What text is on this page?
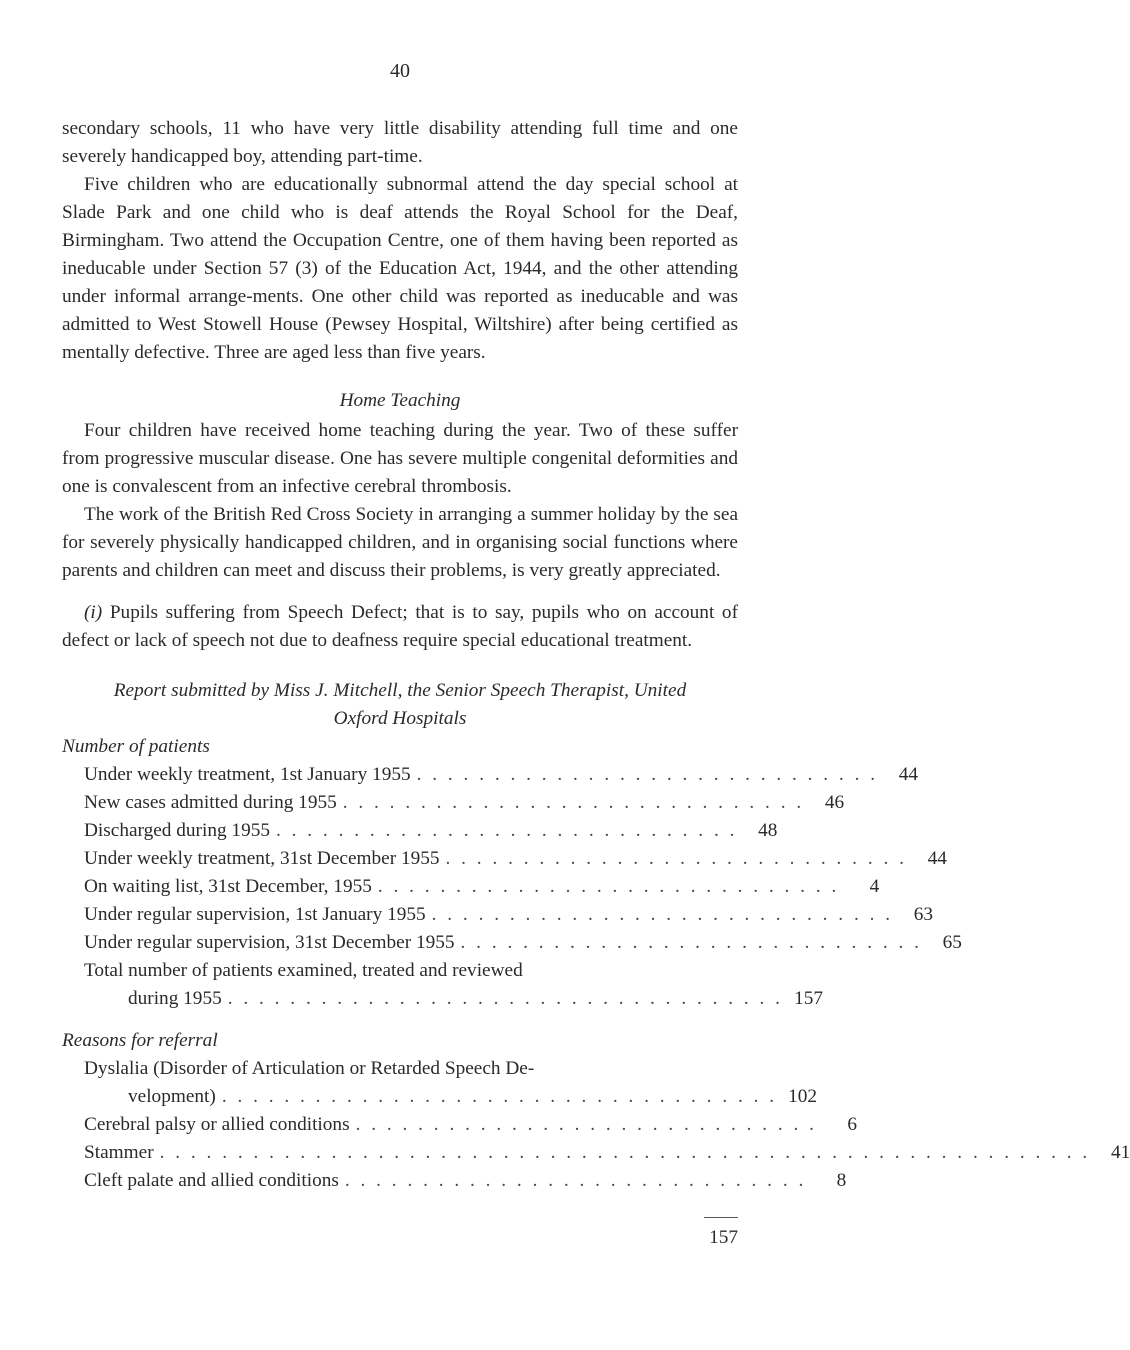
40

secondary schools, 11 who have very little disability attending full time and one severely handicapped boy, attending part-time.

Five children who are educationally subnormal attend the day special school at Slade Park and one child who is deaf attends the Royal School for the Deaf, Birmingham. Two attend the Occupation Centre, one of them having been reported as ineducable under Section 57 (3) of the Education Act, 1944, and the other attending under informal arrange-ments. One other child was reported as ineducable and was admitted to West Stowell House (Pewsey Hospital, Wiltshire) after being certified as mentally defective. Three are aged less than five years.

Home Teaching

Four children have received home teaching during the year. Two of these suffer from progressive muscular disease. One has severe multiple congenital deformities and one is convalescent from an infective cerebral thrombosis.

The work of the British Red Cross Society in arranging a summer holiday by the sea for severely physically handicapped children, and in organising social functions where parents and children can meet and discuss their problems, is very greatly appreciated.

(i) Pupils suffering from Speech Defect; that is to say, pupils who on account of defect or lack of speech not due to deafness require special educational treatment.

Report submitted by Miss J. Mitchell, the Senior Speech Therapist, United
Oxford Hospitals
Number of patients
Under weekly treatment, 1st January 1955 . . . . . . . . . . . . . . . . . . . . . . . . . . . . . .	44
New cases admitted during 1955 . . . . . . . . . . . . . . . . . . . . . . . . . . . . . .	46
Discharged during 1955 . . . . . . . . . . . . . . . . . . . . . . . . . . . . . .	48
Under weekly treatment, 31st December 1955 . . . . . . . . . . . . . . . . . . . . . . . . . . . . . .	44
On waiting list, 31st December, 1955 . . . . . . . . . . . . . . . . . . . . . . . . . . . . . .	4
Under regular supervision, 1st January 1955 . . . . . . . . . . . . . . . . . . . . . . . . . . . . . .	63
Under regular supervision, 31st December 1955 . . . . . . . . . . . . . . . . . . . . . . . . . . . . . .	65
Total number of patients examined, treated and reviewed
during 1955 . . . . . . . . . . . . . . . . . . . . . . . . . . . . . . . . . . . . 157
Reasons for referral
Dyslalia (Disorder of Articulation or Retarded Speech De-
velopment) . . . . . . . . . . . . . . . . . . . . . . . . . . . . . . . . . . . . 102
Cerebral palsy or allied conditions . . . . . . . . . . . . . . . . . . . . . . . . . . . . . .	6
Stammer . . . . . . . . . . . . . . . . . . . . . . . . . . . . . . . . . . . . . . . . . . . . . . . . . . . . . . . . . . . .	41
Cleft palate and allied conditions . . . . . . . . . . . . . . . . . . . . . . . . . . . . . .	8
157
